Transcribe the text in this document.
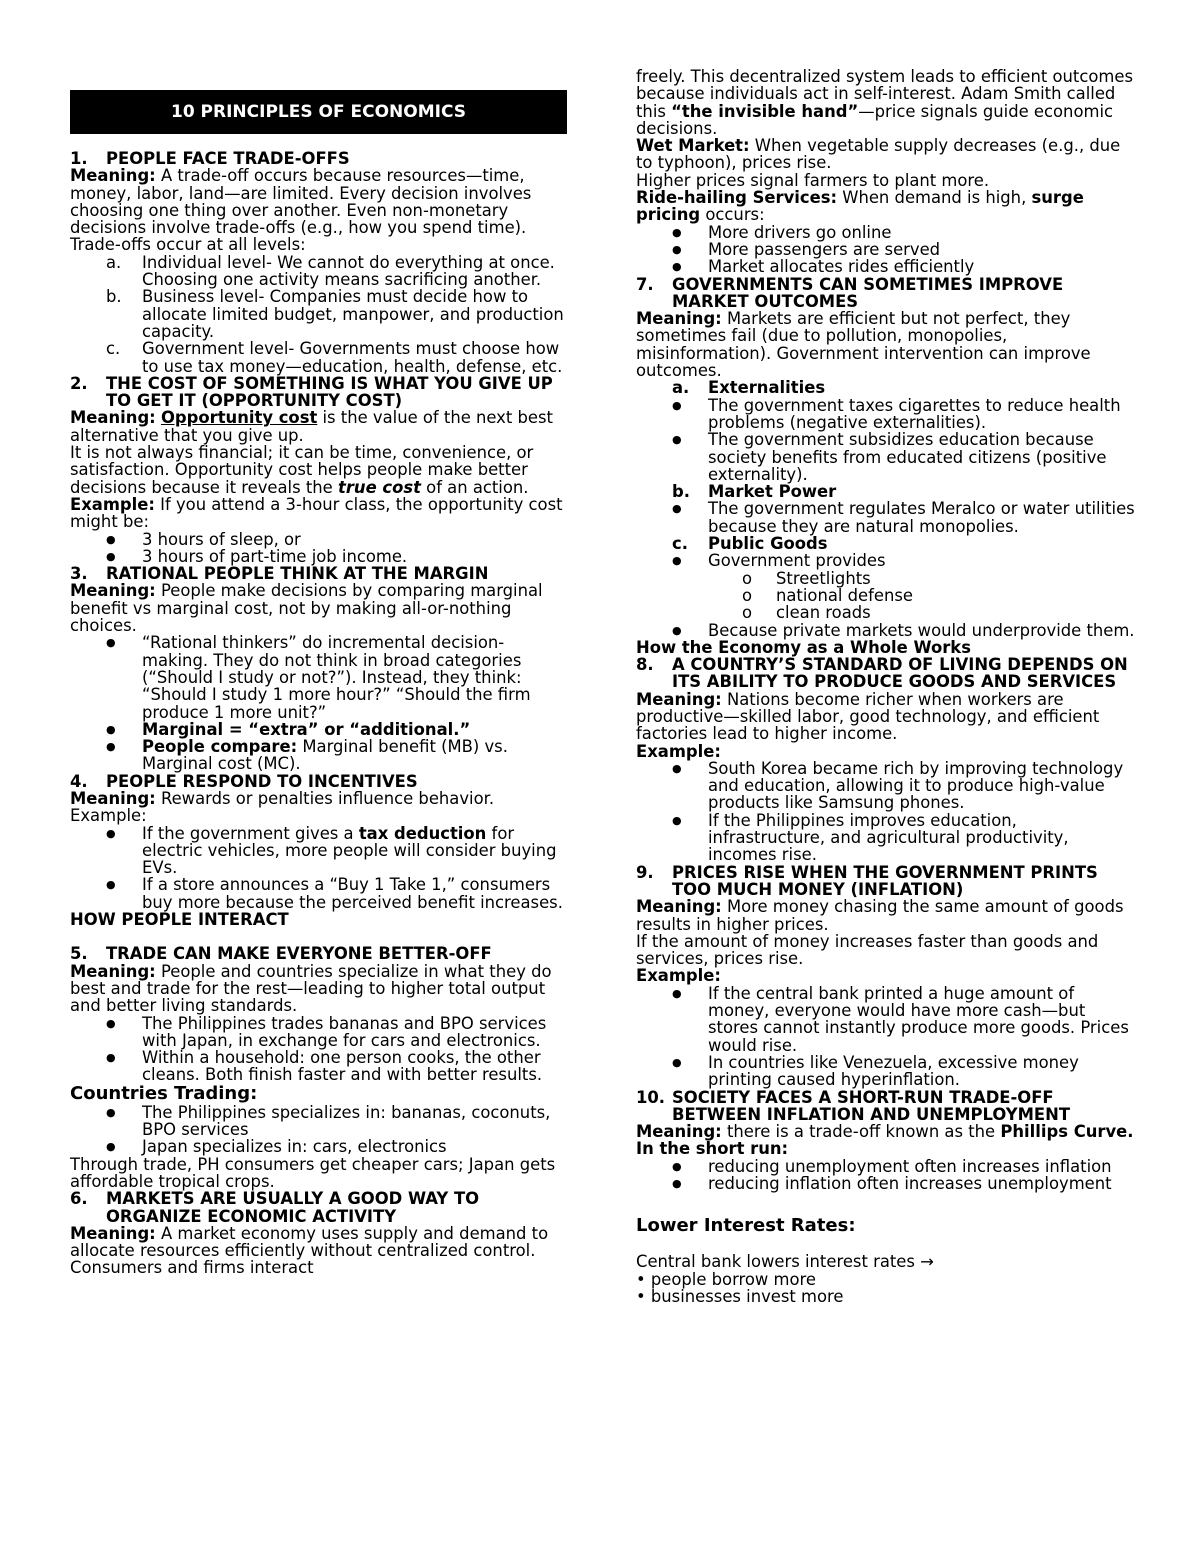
10 PRINCIPLES OF ECONOMICS

1. PEOPLE FACE TRADE-OFFS

Meaning: A trade-off occurs because resources—time, money, labor, land—are limited. Every decision involves choosing one thing over another. Even non-monetary decisions involve trade-offs (e.g., how you spend time).

Trade-offs occur at all levels:

a. Individual level- We cannot do everything at once. Choosing one activity means sacrificing another.

b. Business level- Companies must decide how to allocate limited budget, manpower, and production capacity.

c. Government level- Governments must choose how to use tax money—education, health, defense, etc.

2. THE COST OF SOMETHING IS WHAT YOU GIVE UP TO GET IT (OPPORTUNITY COST)

Meaning: Opportunity cost is the value of the next best alternative that you give up.

It is not always financial; it can be time, convenience, or satisfaction. Opportunity cost helps people make better decisions because it reveals the true cost of an action.

Example: If you attend a 3-hour class, the opportunity cost might be:

● 3 hours of sleep, or

● 3 hours of part-time job income.

3. RATIONAL PEOPLE THINK AT THE MARGIN

Meaning: People make decisions by comparing marginal benefit vs marginal cost, not by making all-or-nothing choices.

● “Rational thinkers” do incremental decision-making. They do not think in broad categories (“Should I study or not?”). Instead, they think: “Should I study 1 more hour?” “Should the firm produce 1 more unit?”

● Marginal = “extra” or “additional.”

● People compare: Marginal benefit (MB) vs. Marginal cost (MC).

4. PEOPLE RESPOND TO INCENTIVES

Meaning: Rewards or penalties influence behavior.

Example:

● If the government gives a tax deduction for electric vehicles, more people will consider buying EVs.

● If a store announces a “Buy 1 Take 1,” consumers buy more because the perceived benefit increases.

HOW PEOPLE INTERACT

5. TRADE CAN MAKE EVERYONE BETTER-OFF

Meaning: People and countries specialize in what they do best and trade for the rest—leading to higher total output and better living standards.

● The Philippines trades bananas and BPO services with Japan, in exchange for cars and electronics.

● Within a household: one person cooks, the other cleans. Both finish faster and with better results.

Countries Trading:

● The Philippines specializes in: bananas, coconuts, BPO services

● Japan specializes in: cars, electronics

Through trade, PH consumers get cheaper cars; Japan gets affordable tropical crops.

6. MARKETS ARE USUALLY A GOOD WAY TO ORGANIZE ECONOMIC ACTIVITY

Meaning: A market economy uses supply and demand to allocate resources efficiently without centralized control. Consumers and firms interact

freely. This decentralized system leads to efficient outcomes because individuals act in self-interest. Adam Smith called this “the invisible hand”—price signals guide economic decisions.

Wet Market: When vegetable supply decreases (e.g., due to typhoon), prices rise.

Higher prices signal farmers to plant more.

Ride-hailing Services: When demand is high, surge pricing occurs:

● More drivers go online

● More passengers are served

● Market allocates rides efficiently

7. GOVERNMENTS CAN SOMETIMES IMPROVE MARKET OUTCOMES

Meaning: Markets are efficient but not perfect, they sometimes fail (due to pollution, monopolies, misinformation). Government intervention can improve outcomes.

a. Externalities

● The government taxes cigarettes to reduce health problems (negative externalities).

● The government subsidizes education because society benefits from educated citizens (positive externality).

b. Market Power

● The government regulates Meralco or water utilities because they are natural monopolies.

c. Public Goods

● Government provides

o Streetlights

o national defense

o clean roads

● Because private markets would underprovide them.

How the Economy as a Whole Works

8. A COUNTRY’S STANDARD OF LIVING DEPENDS ON ITS ABILITY TO PRODUCE GOODS AND SERVICES

Meaning: Nations become richer when workers are productive—skilled labor, good technology, and efficient factories lead to higher income.

Example:

● South Korea became rich by improving technology and education, allowing it to produce high-value products like Samsung phones.

● If the Philippines improves education, infrastructure, and agricultural productivity, incomes rise.

9. PRICES RISE WHEN THE GOVERNMENT PRINTS TOO MUCH MONEY (INFLATION)

Meaning: More money chasing the same amount of goods results in higher prices.

If the amount of money increases faster than goods and services, prices rise.

Example:

● If the central bank printed a huge amount of money, everyone would have more cash—but stores cannot instantly produce more goods. Prices would rise.

● In countries like Venezuela, excessive money printing caused hyperinflation.

10. SOCIETY FACES A SHORT-RUN TRADE-OFF BETWEEN INFLATION AND UNEMPLOYMENT

Meaning: there is a trade-off known as the Phillips Curve.

In the short run:

● reducing unemployment often increases inflation

● reducing inflation often increases unemployment

Lower Interest Rates:

Central bank lowers interest rates →

• people borrow more

• businesses invest more
